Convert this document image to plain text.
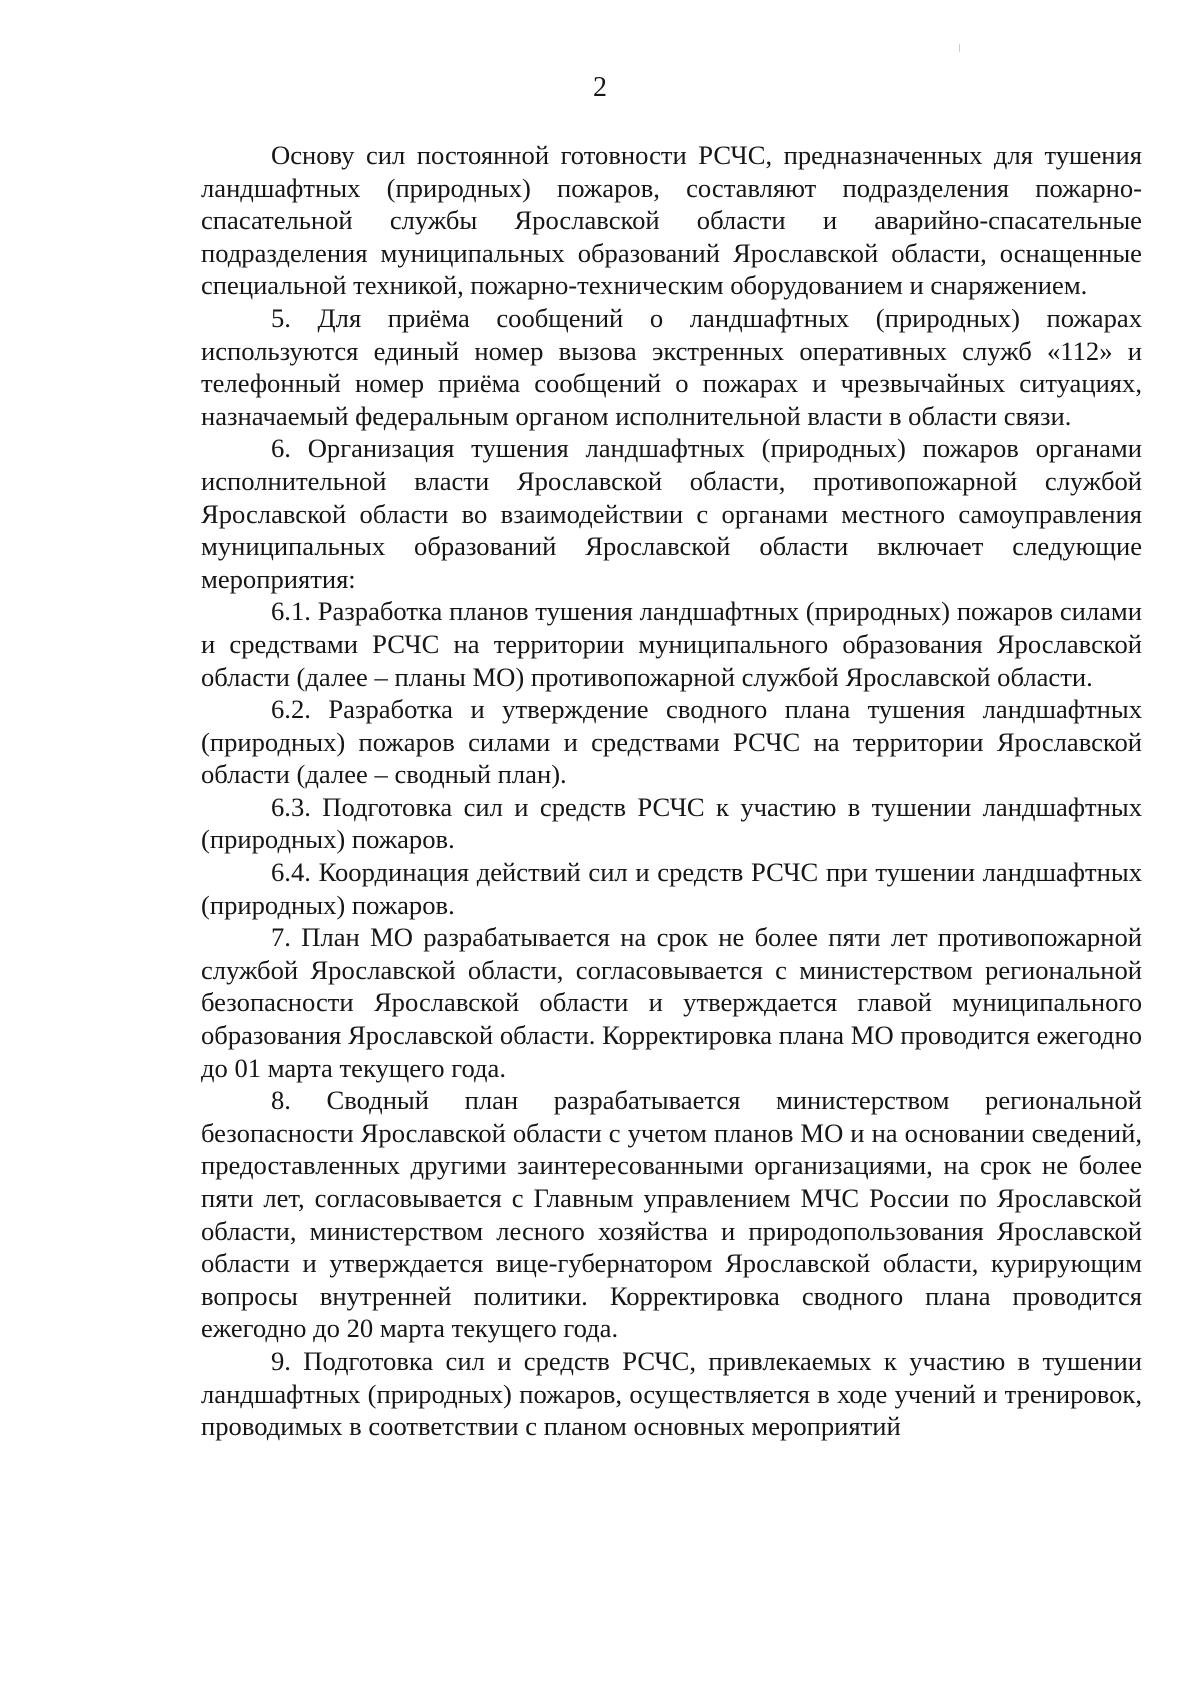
2

Основу сил постоянной готовности РСЧС, предназначенных для тушения ландшафтных (природных) пожаров, составляют подразделения пожарно-спасательной службы Ярославской области и аварийно-спасательные подразделения муниципальных образований Ярославской области, оснащенные специальной техникой, пожарно-техническим оборудованием и снаряжением.

5. Для приёма сообщений о ландшафтных (природных) пожарах используются единый номер вызова экстренных оперативных служб «112» и телефонный номер приёма сообщений о пожарах и чрезвычайных ситуациях, назначаемый федеральным органом исполнительной власти в области связи.

6. Организация тушения ландшафтных (природных) пожаров органами исполнительной власти Ярославской области, противопожарной службой Ярославской области во взаимодействии с органами местного самоуправления муниципальных образований Ярославской области включает следующие мероприятия:

6.1. Разработка планов тушения ландшафтных (природных) пожаров силами и средствами РСЧС на территории муниципального образования Ярославской области (далее – планы МО) противопожарной службой Ярославской области.

6.2. Разработка и утверждение сводного плана тушения ландшафтных (природных) пожаров силами и средствами РСЧС на территории Ярославской области (далее – сводный план).

6.3. Подготовка сил и средств РСЧС к участию в тушении ландшафтных (природных) пожаров.

6.4. Координация действий сил и средств РСЧС при тушении ландшафтных (природных) пожаров.

7. План МО разрабатывается на срок не более пяти лет противопожарной службой Ярославской области, согласовывается с министерством региональной безопасности Ярославской области и утверждается главой муниципального образования Ярославской области. Корректировка плана МО проводится ежегодно до 01 марта текущего года.

8. Сводный план разрабатывается министерством региональной безопасности Ярославской области с учетом планов МО и на основании сведений, предоставленных другими заинтересованными организациями, на срок не более пяти лет, согласовывается с Главным управлением МЧС России по Ярославской области, министерством лесного хозяйства и природопользования Ярославской области и утверждается вице-губернатором Ярославской области, курирующим вопросы внутренней политики. Корректировка сводного плана проводится ежегодно до 20 марта текущего года.

9. Подготовка сил и средств РСЧС, привлекаемых к участию в тушении ландшафтных (природных) пожаров, осуществляется в ходе учений и тренировок, проводимых в соответствии с планом основных мероприятий
